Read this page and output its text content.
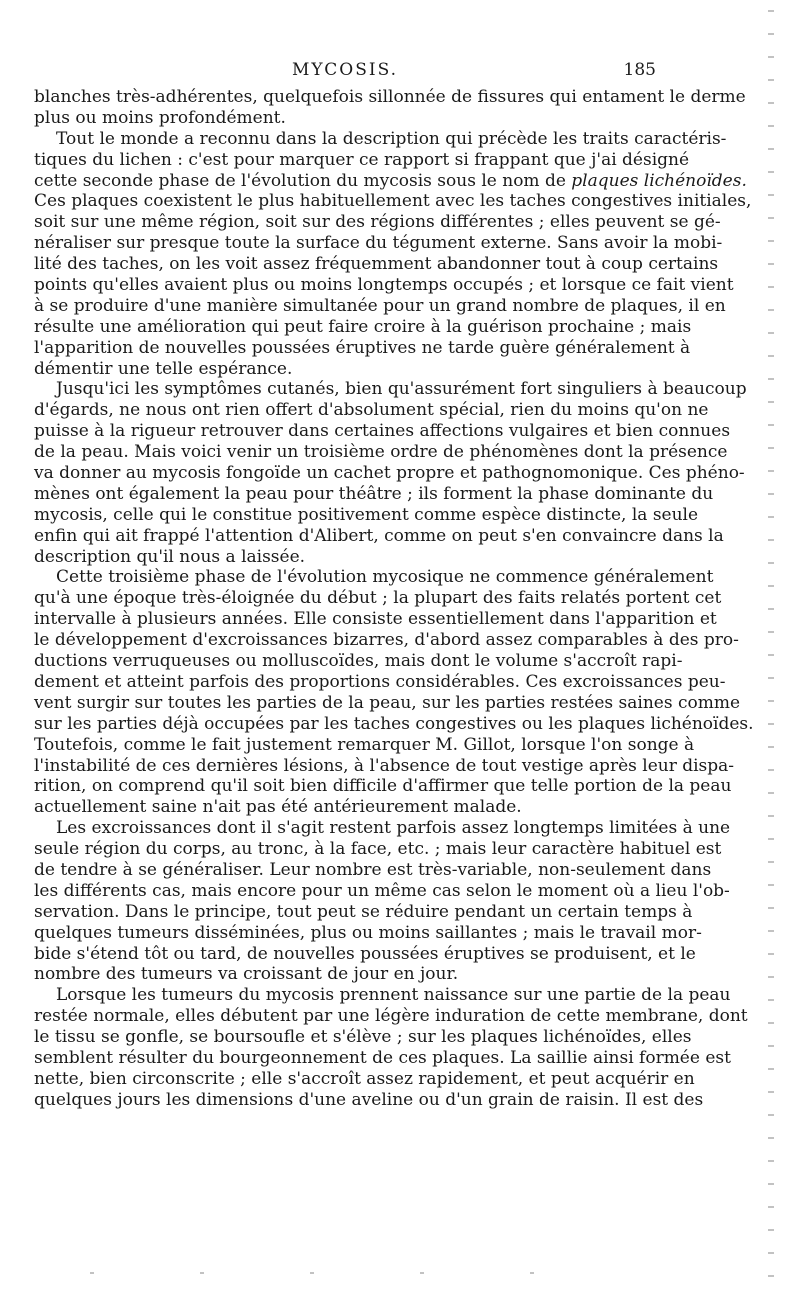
MYCOSIS.	185
blanches très-adhérentes, quelquefois sillonnée de fissures qui entament le derme
plus ou moins profondément.
Tout le monde a reconnu dans la description qui précède les traits caractéris-
tiques du lichen : c'est pour marquer ce rapport si frappant que j'ai désigné
cette seconde phase de l'évolution du mycosis sous le nom de plaques lichénoïdes.
Ces plaques coexistent le plus habituellement avec les taches congestives initiales,
soit sur une même région, soit sur des régions différentes ; elles peuvent se gé-
néraliser sur presque toute la surface du tégument externe. Sans avoir la mobi-
lité des taches, on les voit assez fréquemment abandonner tout à coup certains
points qu'elles avaient plus ou moins longtemps occupés ; et lorsque ce fait vient
à se produire d'une manière simultanée pour un grand nombre de plaques, il en
résulte une amélioration qui peut faire croire à la guérison prochaine ; mais
l'apparition de nouvelles poussées éruptives ne tarde guère généralement à
démentir une telle espérance.
Jusqu'ici les symptômes cutanés, bien qu'assurément fort singuliers à beaucoup
d'égards, ne nous ont rien offert d'absolument spécial, rien du moins qu'on ne
puisse à la rigueur retrouver dans certaines affections vulgaires et bien connues
de la peau. Mais voici venir un troisième ordre de phénomènes dont la présence
va donner au mycosis fongoïde un cachet propre et pathognomonique. Ces phéno-
mènes ont également la peau pour théâtre ; ils forment la phase dominante du
mycosis, celle qui le constitue positivement comme espèce distincte, la seule
enfin qui ait frappé l'attention d'Alibert, comme on peut s'en convaincre dans la
description qu'il nous a laissée.
Cette troisième phase de l'évolution mycosique ne commence généralement
qu'à une époque très-éloignée du début ; la plupart des faits relatés portent cet
intervalle à plusieurs années. Elle consiste essentiellement dans l'apparition et
le développement d'excroissances bizarres, d'abord assez comparables à des pro-
ductions verruqueuses ou molluscoïdes, mais dont le volume s'accroît rapi-
dement et atteint parfois des proportions considérables. Ces excroissances peu-
vent surgir sur toutes les parties de la peau, sur les parties restées saines comme
sur les parties déjà occupées par les taches congestives ou les plaques lichénoïdes.
Toutefois, comme le fait justement remarquer M. Gillot, lorsque l'on songe à
l'instabilité de ces dernières lésions, à l'absence de tout vestige après leur dispa-
rition, on comprend qu'il soit bien difficile d'affirmer que telle portion de la peau
actuellement saine n'ait pas été antérieurement malade.
Les excroissances dont il s'agit restent parfois assez longtemps limitées à une
seule région du corps, au tronc, à la face, etc. ; mais leur caractère habituel est
de tendre à se généraliser. Leur nombre est très-variable, non-seulement dans
les différents cas, mais encore pour un même cas selon le moment où a lieu l'ob-
servation. Dans le principe, tout peut se réduire pendant un certain temps à
quelques tumeurs disséminées, plus ou moins saillantes ; mais le travail mor-
bide s'étend tôt ou tard, de nouvelles poussées éruptives se produisent, et le
nombre des tumeurs va croissant de jour en jour.
Lorsque les tumeurs du mycosis prennent naissance sur une partie de la peau
restée normale, elles débutent par une légère induration de cette membrane, dont
le tissu se gonfle, se boursoufle et s'élève ; sur les plaques lichénoïdes, elles
semblent résulter du bourgeonnement de ces plaques. La saillie ainsi formée est
nette, bien circonscrite ; elle s'accroît assez rapidement, et peut acquérir en
quelques jours les dimensions d'une aveline ou d'un grain de raisin. Il est des
